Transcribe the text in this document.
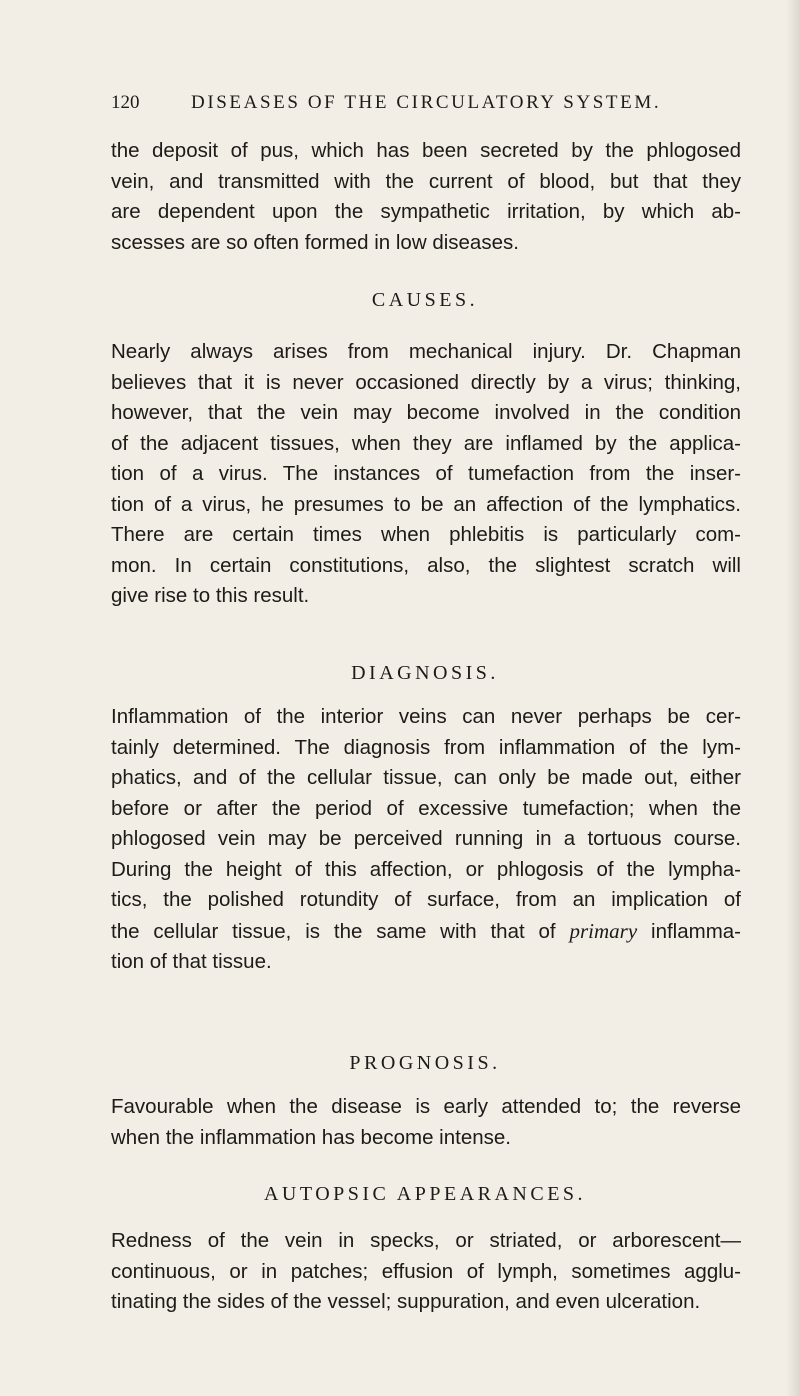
120	DISEASES OF THE CIRCULATORY SYSTEM.
the deposit of pus, which has been secreted by the phlogosed
vein, and transmitted with the current of blood, but that they
are dependent upon the sympathetic irritation, by which ab-
scesses are so often formed in low diseases.
CAUSES.
Nearly always arises from mechanical injury. Dr. Chapman
believes that it is never occasioned directly by a virus; thinking,
however, that the vein may become involved in the condition
of the adjacent tissues, when they are inflamed by the applica-
tion of a virus. The instances of tumefaction from the inser-
tion of a virus, he presumes to be an affection of the lymphatics.
There are certain times when phlebitis is particularly com-
mon. In certain constitutions, also, the slightest scratch will
give rise to this result.
DIAGNOSIS.
Inflammation of the interior veins can never perhaps be cer-
tainly determined. The diagnosis from inflammation of the lym-
phatics, and of the cellular tissue, can only be made out, either
before or after the period of excessive tumefaction; when the
phlogosed vein may be perceived running in a tortuous course.
During the height of this affection, or phlogosis of the lympha-
tics, the polished rotundity of surface, from an implication of
the cellular tissue, is the same with that of primary inflamma-
tion of that tissue.
PROGNOSIS.
Favourable when the disease is early attended to; the reverse
when the inflammation has become intense.
AUTOPSIC APPEARANCES.
Redness of the vein in specks, or striated, or arborescent—
continuous, or in patches; effusion of lymph, sometimes agglu-
tinating the sides of the vessel; suppuration, and even ulceration.
